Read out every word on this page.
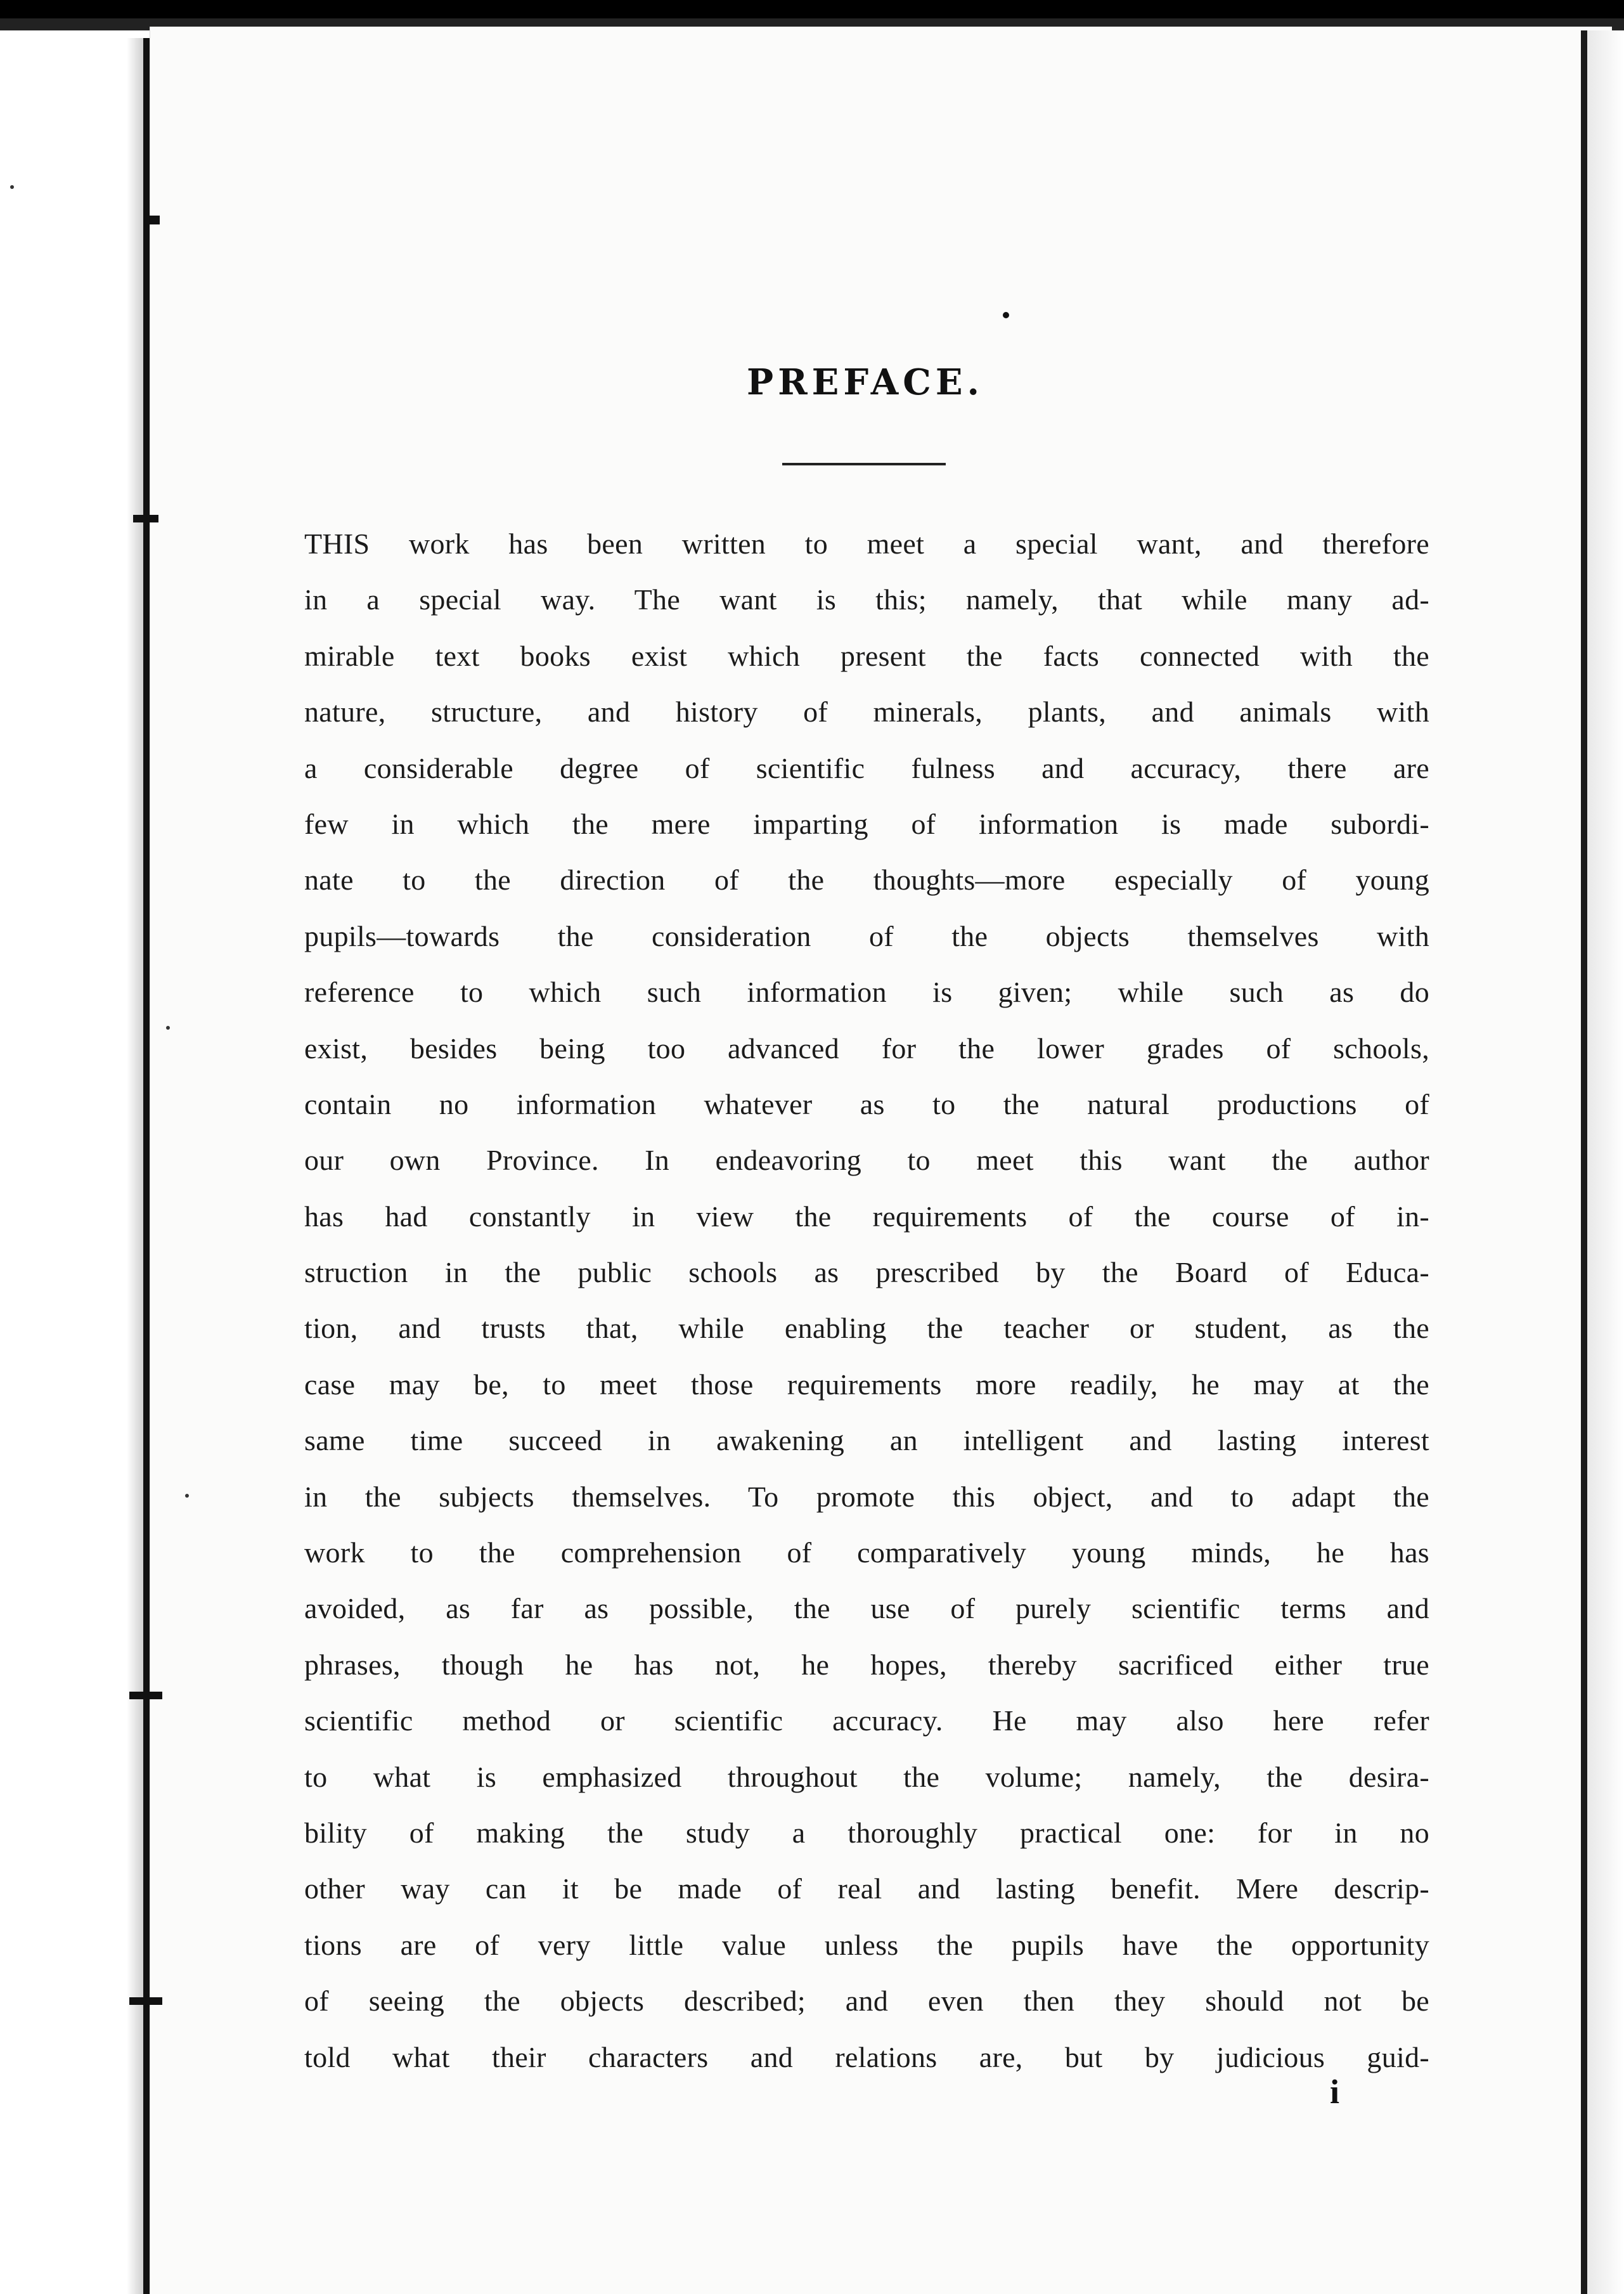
PREFACE.
THIS work has been written to meet a special want, and therefore
in a special way. The want is this; namely, that while many ad-
mirable text books exist which present the facts connected with the
nature, structure, and history of minerals, plants, and animals with
a considerable degree of scientific fulness and accuracy, there are
few in which the mere imparting of information is made subordi-
nate to the direction of the thoughts—more especially of young
pupils—towards the consideration of the objects themselves with
reference to which such information is given; while such as do
exist, besides being too advanced for the lower grades of schools,
contain no information whatever as to the natural productions of
our own Province. In endeavoring to meet this want the author
has had constantly in view the requirements of the course of in-
struction in the public schools as prescribed by the Board of Educa-
tion, and trusts that, while enabling the teacher or student, as the
case may be, to meet those requirements more readily, he may at the
same time succeed in awakening an intelligent and lasting interest
in the subjects themselves. To promote this object, and to adapt the
work to the comprehension of comparatively young minds, he has
avoided, as far as possible, the use of purely scientific terms and
phrases, though he has not, he hopes, thereby sacrificed either true
scientific method or scientific accuracy. He may also here refer
to what is emphasized throughout the volume; namely, the desira-
bility of making the study a thoroughly practical one: for in no
other way can it be made of real and lasting benefit. Mere descrip-
tions are of very little value unless the pupils have the opportunity
of seeing the objects described; and even then they should not be
told what their characters and relations are, but by judicious guid-
i
